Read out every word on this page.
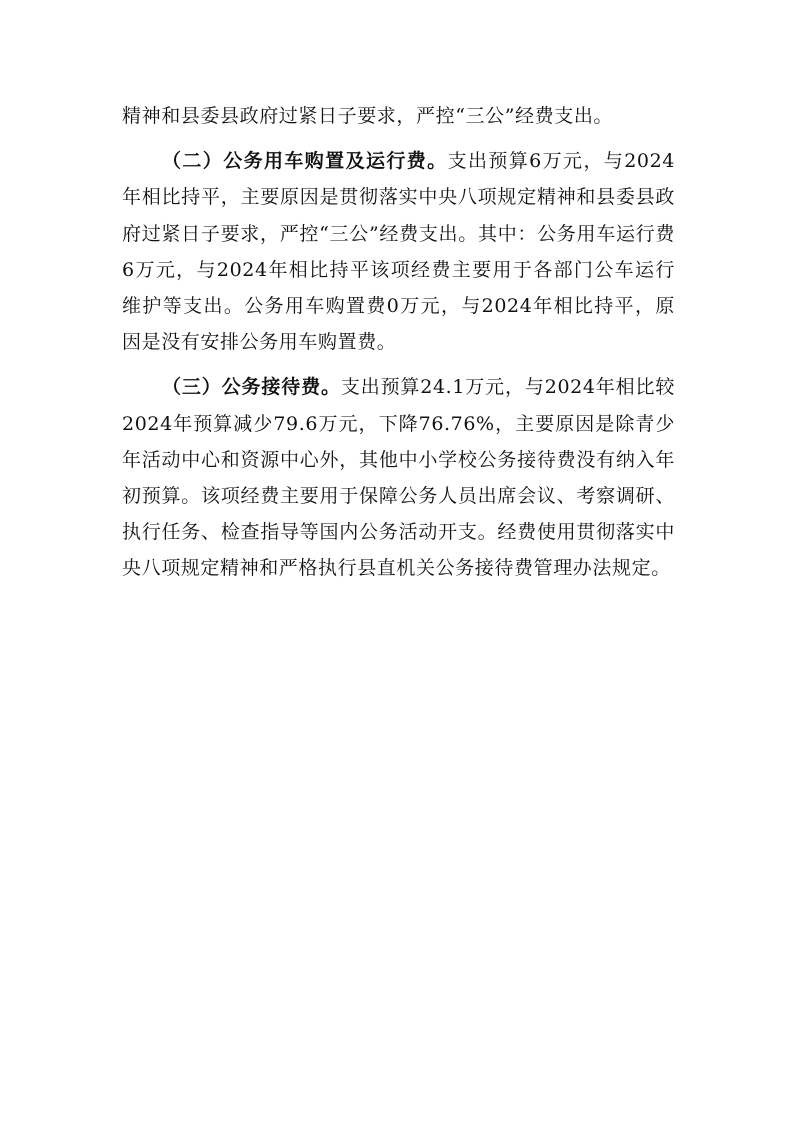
精神和县委县政府过紧日子要求，严控“三公”经费支出。

（二）公务用车购置及运行费。支出预算6万元，与2024年相比持平，主要原因是贯彻落实中央八项规定精神和县委县政府过紧日子要求，严控“三公”经费支出。其中：公务用车运行费6万元，与2024年相比持平该项经费主要用于各部门公车运行维护等支出。公务用车购置费0万元，与2024年相比持平，原因是没有安排公务用车购置费。

（三）公务接待费。支出预算24.1万元，与2024年相比较2024年预算减少79.6万元，下降76.76%，主要原因是除青少年活动中心和资源中心外，其他中小学校公务接待费没有纳入年初预算。该项经费主要用于保障公务人员出席会议、考察调研、执行任务、检查指导等国内公务活动开支。经费使用贯彻落实中央八项规定精神和严格执行县直机关公务接待费管理办法规定。
